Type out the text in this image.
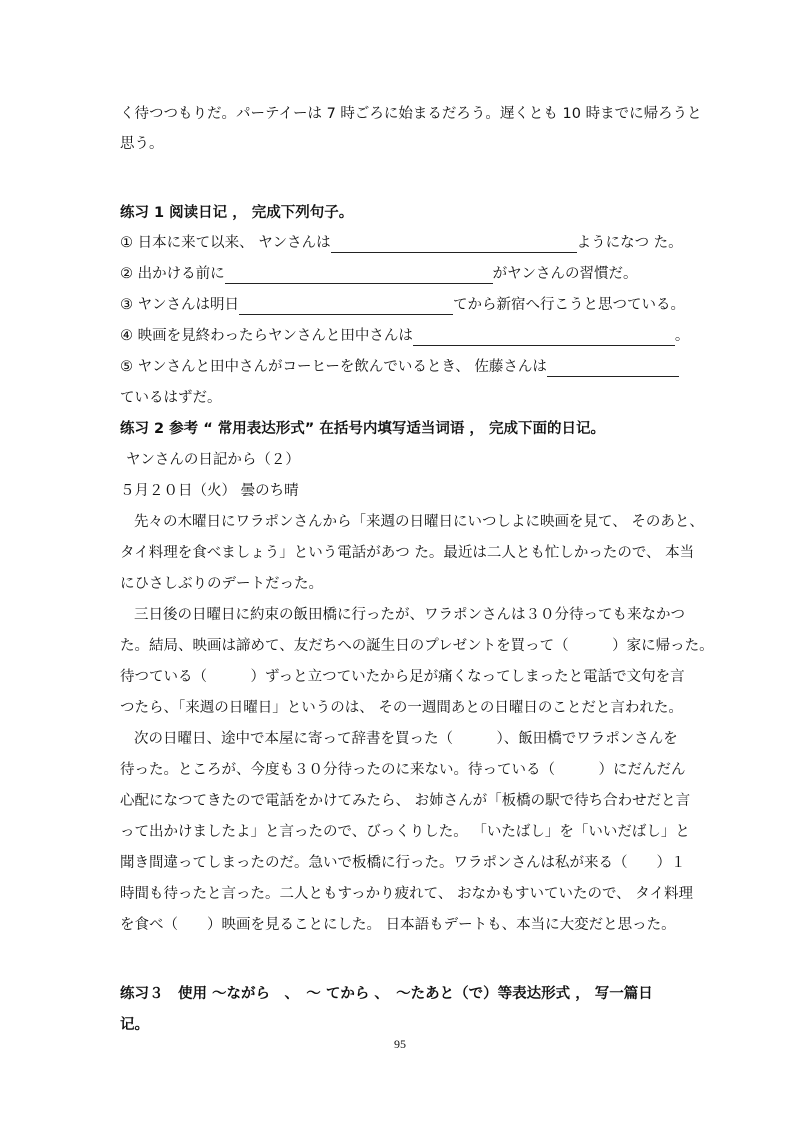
く待つつもりだ。パーテイーは 7 時ごろに始まるだろう。遅くとも 10 時までに帰ろうと
思う。
练习 1 阅读日记 ， 完成下列句子。
① 日本に来て以来、 ヤンさんは	ようになつ た。
② 出かける前に	がヤンさんの習慣だ。
③ ヤンさんは明日	てから新宿へ行こうと思つている。
④ 映画を見終わったらヤンさんと田中さんは	。
⑤ ヤンさんと田中さんがコーヒーを飲んでいるとき、 佐藤さんは
ているはずだ。
练习 2 参考 “ 常用表达形式” 在括号内填写适当词语 ， 完成下面的日记。
ヤンさんの日記から（２）
５月２０日（火） 曇のち晴
先々の木曜日にワラポンさんから「来週の日曜日にいつしよに映画を見て、 そのあと、
タイ料理を食べましょう」という電話があつ た。最近は二人とも忙しかったので、 本当
にひさしぶりのデートだった。
三日後の日曜日に約束の飯田橋に行ったが、ワラポンさんは３０分待っても来なかつ
た。結局、映画は諦めて、友だちへの誕生日のプレゼントを買って（　　　）家に帰った。
待つている（　　　）ずっと立つていたから足が痛くなってしまったと電話で文句を言
つたら、「来週の日曜日」というのは、 その一週間あとの日曜日のことだと言われた。
次の日曜日、途中で本屋に寄って辞書を買った（　　　）、飯田橋でワラポンさんを
待った。ところが、今度も３０分待ったのに来ない。待っている（　　　）にだんだん
心配になつてきたので電話をかけてみたら、 お姉さんが「板橋の駅で待ち合わせだと言
って出かけましたよ」と言ったので、びっくりした。 「いたばし」を「いいだばし」と
聞き間違ってしまったのだ。急いで板橋に行った。ワラポンさんは私が来る（　　）１
時間も待ったと言った。二人ともすっかり疲れて、 おなかもすいていたので、 タイ料理
を食べ（　　）映画を見ることにした。 日本語もデートも、本当に大変だと思った。
练习３　使用 ～ながら　、　～ てから 、　～たあと（で）等表达形式 ， 写一篇日
记。
95
